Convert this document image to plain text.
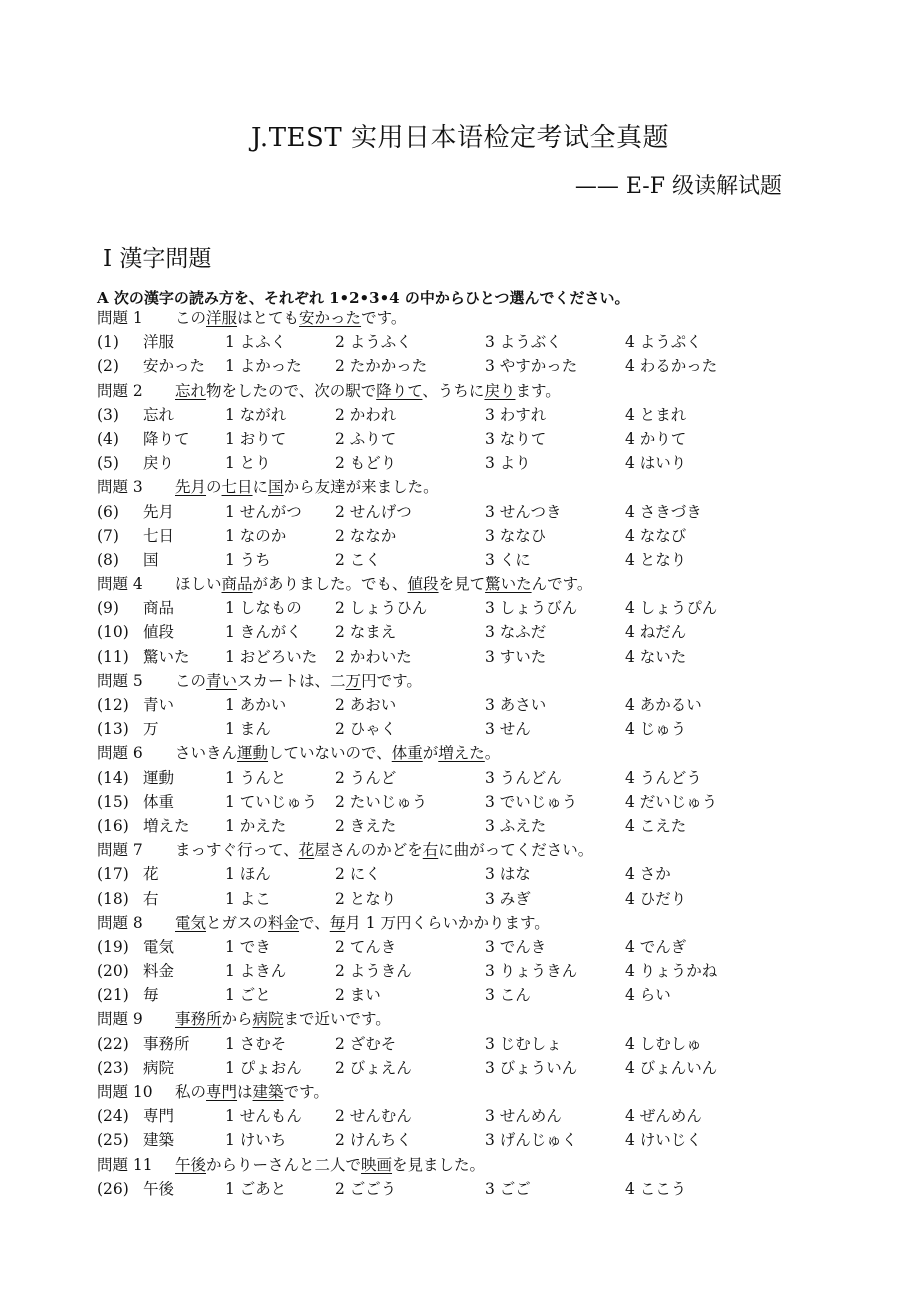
J.TEST 实用日本语检定考试全真题
—— E-F 级读解试题
Ⅰ 漢字問題
A 次の漢字の読み方を、それぞれ 1•2•3•4 の中からひとつ選んでください。
問題 1 この洋服はとても安かったです。
(1) 洋服	1 よふく	2 ようふく	3 ようぶく	4 ようぷく
(2) 安かった 1 よかった 2 たかかった	3 やすかった	4 わるかった
問題 2 忘れ物をしたので、次の駅で降りて、うちに戻ります。
(3) 忘れ	1 ながれ	2 かわれ	3 わすれ	4 とまれ
(4) 降りて 1 おりて	2 ふりて	3 なりて	4 かりて
(5) 戻り	1 とり	2 もどり	3 より	4 はいり
問題 3 先月の七日に国から友達が来ました。
(6) 先月	1 せんがつ 2 せんげつ	3 せんつき	4 さきづき
(7) 七日	1 なのか	2 ななか	3 ななひ	4 ななび
(8) 国	1 うち	2 こく	3 くに	4 となり
問題 4 ほしい商品がありました。でも、値段を見て驚いたんです。
(9) 商品	1 しなもの 2 しょうひん	3 しょうびん	4 しょうぴん
(10) 値段	1 きんがく 2 なまえ	3 なふだ	4 ねだん
(11) 驚いた 1 おどろいた 2 かわいた	3 すいた	4 ないた
問題 5 この青いスカートは、二万円です。
(12) 青い	1 あかい	2 あおい	3 あさい	4 あかるい
(13) 万	1 まん	2 ひゃく	3 せん	4 じゅう
問題 6 さいきん運動していないので、体重が増えた。
(14) 運動	1 うんと	2 うんど	3 うんどん	4 うんどう
(15) 体重	1 ていじゅう 2 たいじゅう	3 でいじゅう	4 だいじゅう
(16) 増えた 1 かえた	2 きえた	3 ふえた	4 こえた
問題 7 まっすぐ行って、花屋さんのかどを右に曲がってください。
(17) 花	1 ほん	2 にく	3 はな	4 さか
(18) 右	1 よこ	2 となり	3 みぎ	4 ひだり
問題 8 電気とガスの料金で、毎月 1 万円くらいかかります。
(19) 電気	1 でき	2 てんき	3 でんき	4 でんぎ
(20) 料金	1 よきん	2 ようきん	3 りょうきん	4 りょうかね
(21) 毎	1 ごと	2 まい	3 こん	4 らい
問題 9 事務所から病院まで近いです。
(22) 事務所 1 さむそ	2 ざむそ	3 じむしょ	4 しむしゅ
(23) 病院	1 ぴょおん 2 びょえん	3 びょういん	4 びょんいん
問題 10 私の専門は建築です。
(24) 専門	1 せんもん 2 せんむん	3 せんめん	4 ぜんめん
(25) 建築	1 けいち	2 けんちく	3 げんじゅく	4 けいじく
問題 11 午後からりーさんと二人で映画を見ました。
(26) 午後	1 ごあと	2 ごごう	3 ごご	4 ここう
